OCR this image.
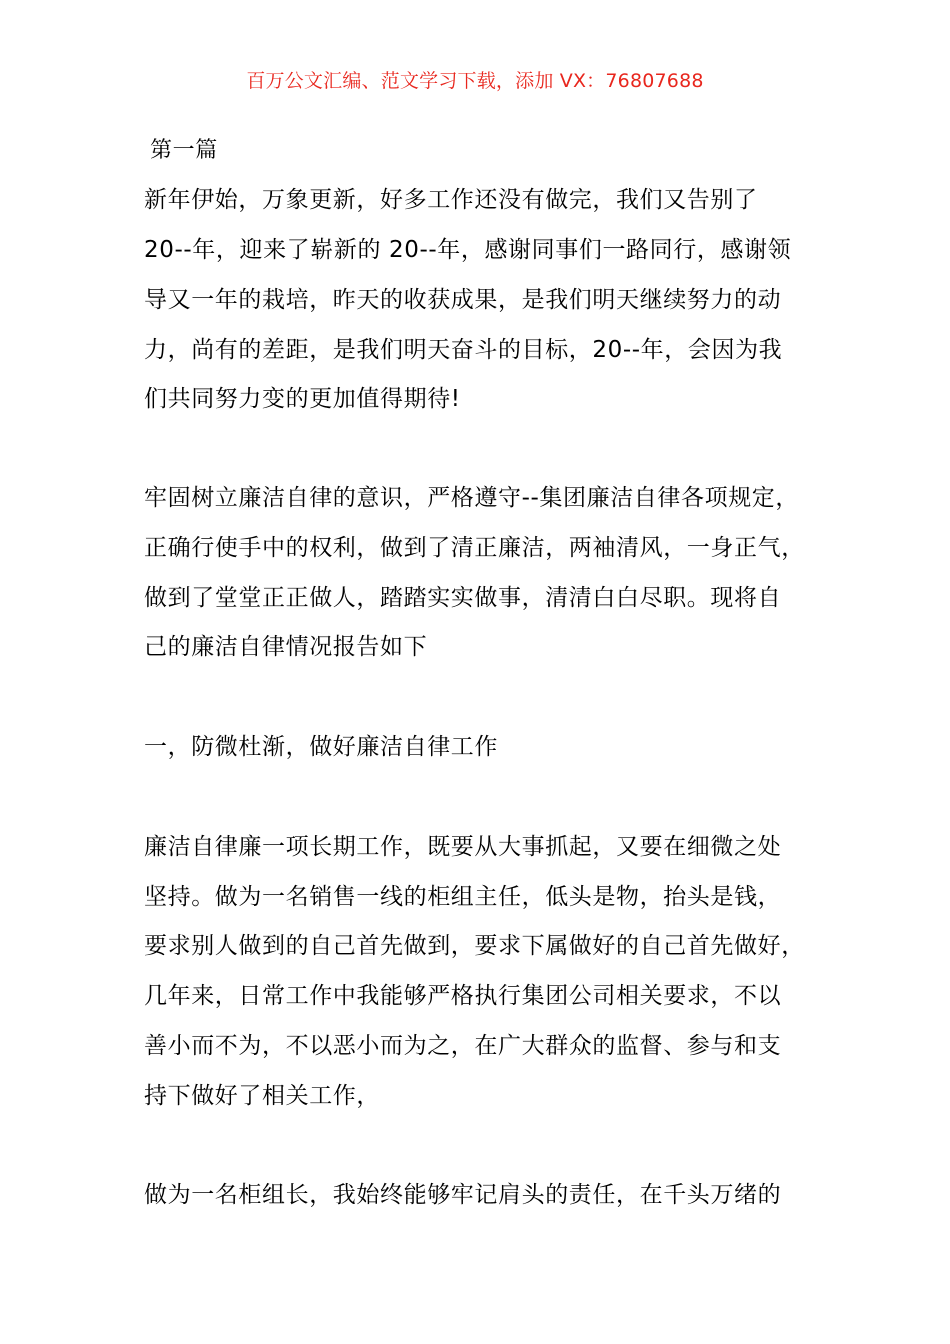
百万公文汇编、范文学习下载，添加 VX：76807688
第一篇
新年伊始，万象更新，好多工作还没有做完，我们又告别了
20--年，迎来了崭新的 20--年，感谢同事们一路同行，感谢领
导又一年的栽培，昨天的收获成果，是我们明天继续努力的动
力，尚有的差距，是我们明天奋斗的目标，20--年，会因为我
们共同努力变的更加值得期待!
牢固树立廉洁自律的意识，严格遵守--集团廉洁自律各项规定，
正确行使手中的权利，做到了清正廉洁，两袖清风，一身正气，
做到了堂堂正正做人，踏踏实实做事，清清白白尽职。现将自
己的廉洁自律情况报告如下
一，防微杜渐，做好廉洁自律工作
廉洁自律廉一项长期工作，既要从大事抓起，又要在细微之处
坚持。做为一名销售一线的柜组主任，低头是物，抬头是钱，
要求别人做到的自己首先做到，要求下属做好的自己首先做好，
几年来，日常工作中我能够严格执行集团公司相关要求，不以
善小而不为，不以恶小而为之，在广大群众的监督、参与和支
持下做好了相关工作，
做为一名柜组长，我始终能够牢记肩头的责任，在千头万绪的
